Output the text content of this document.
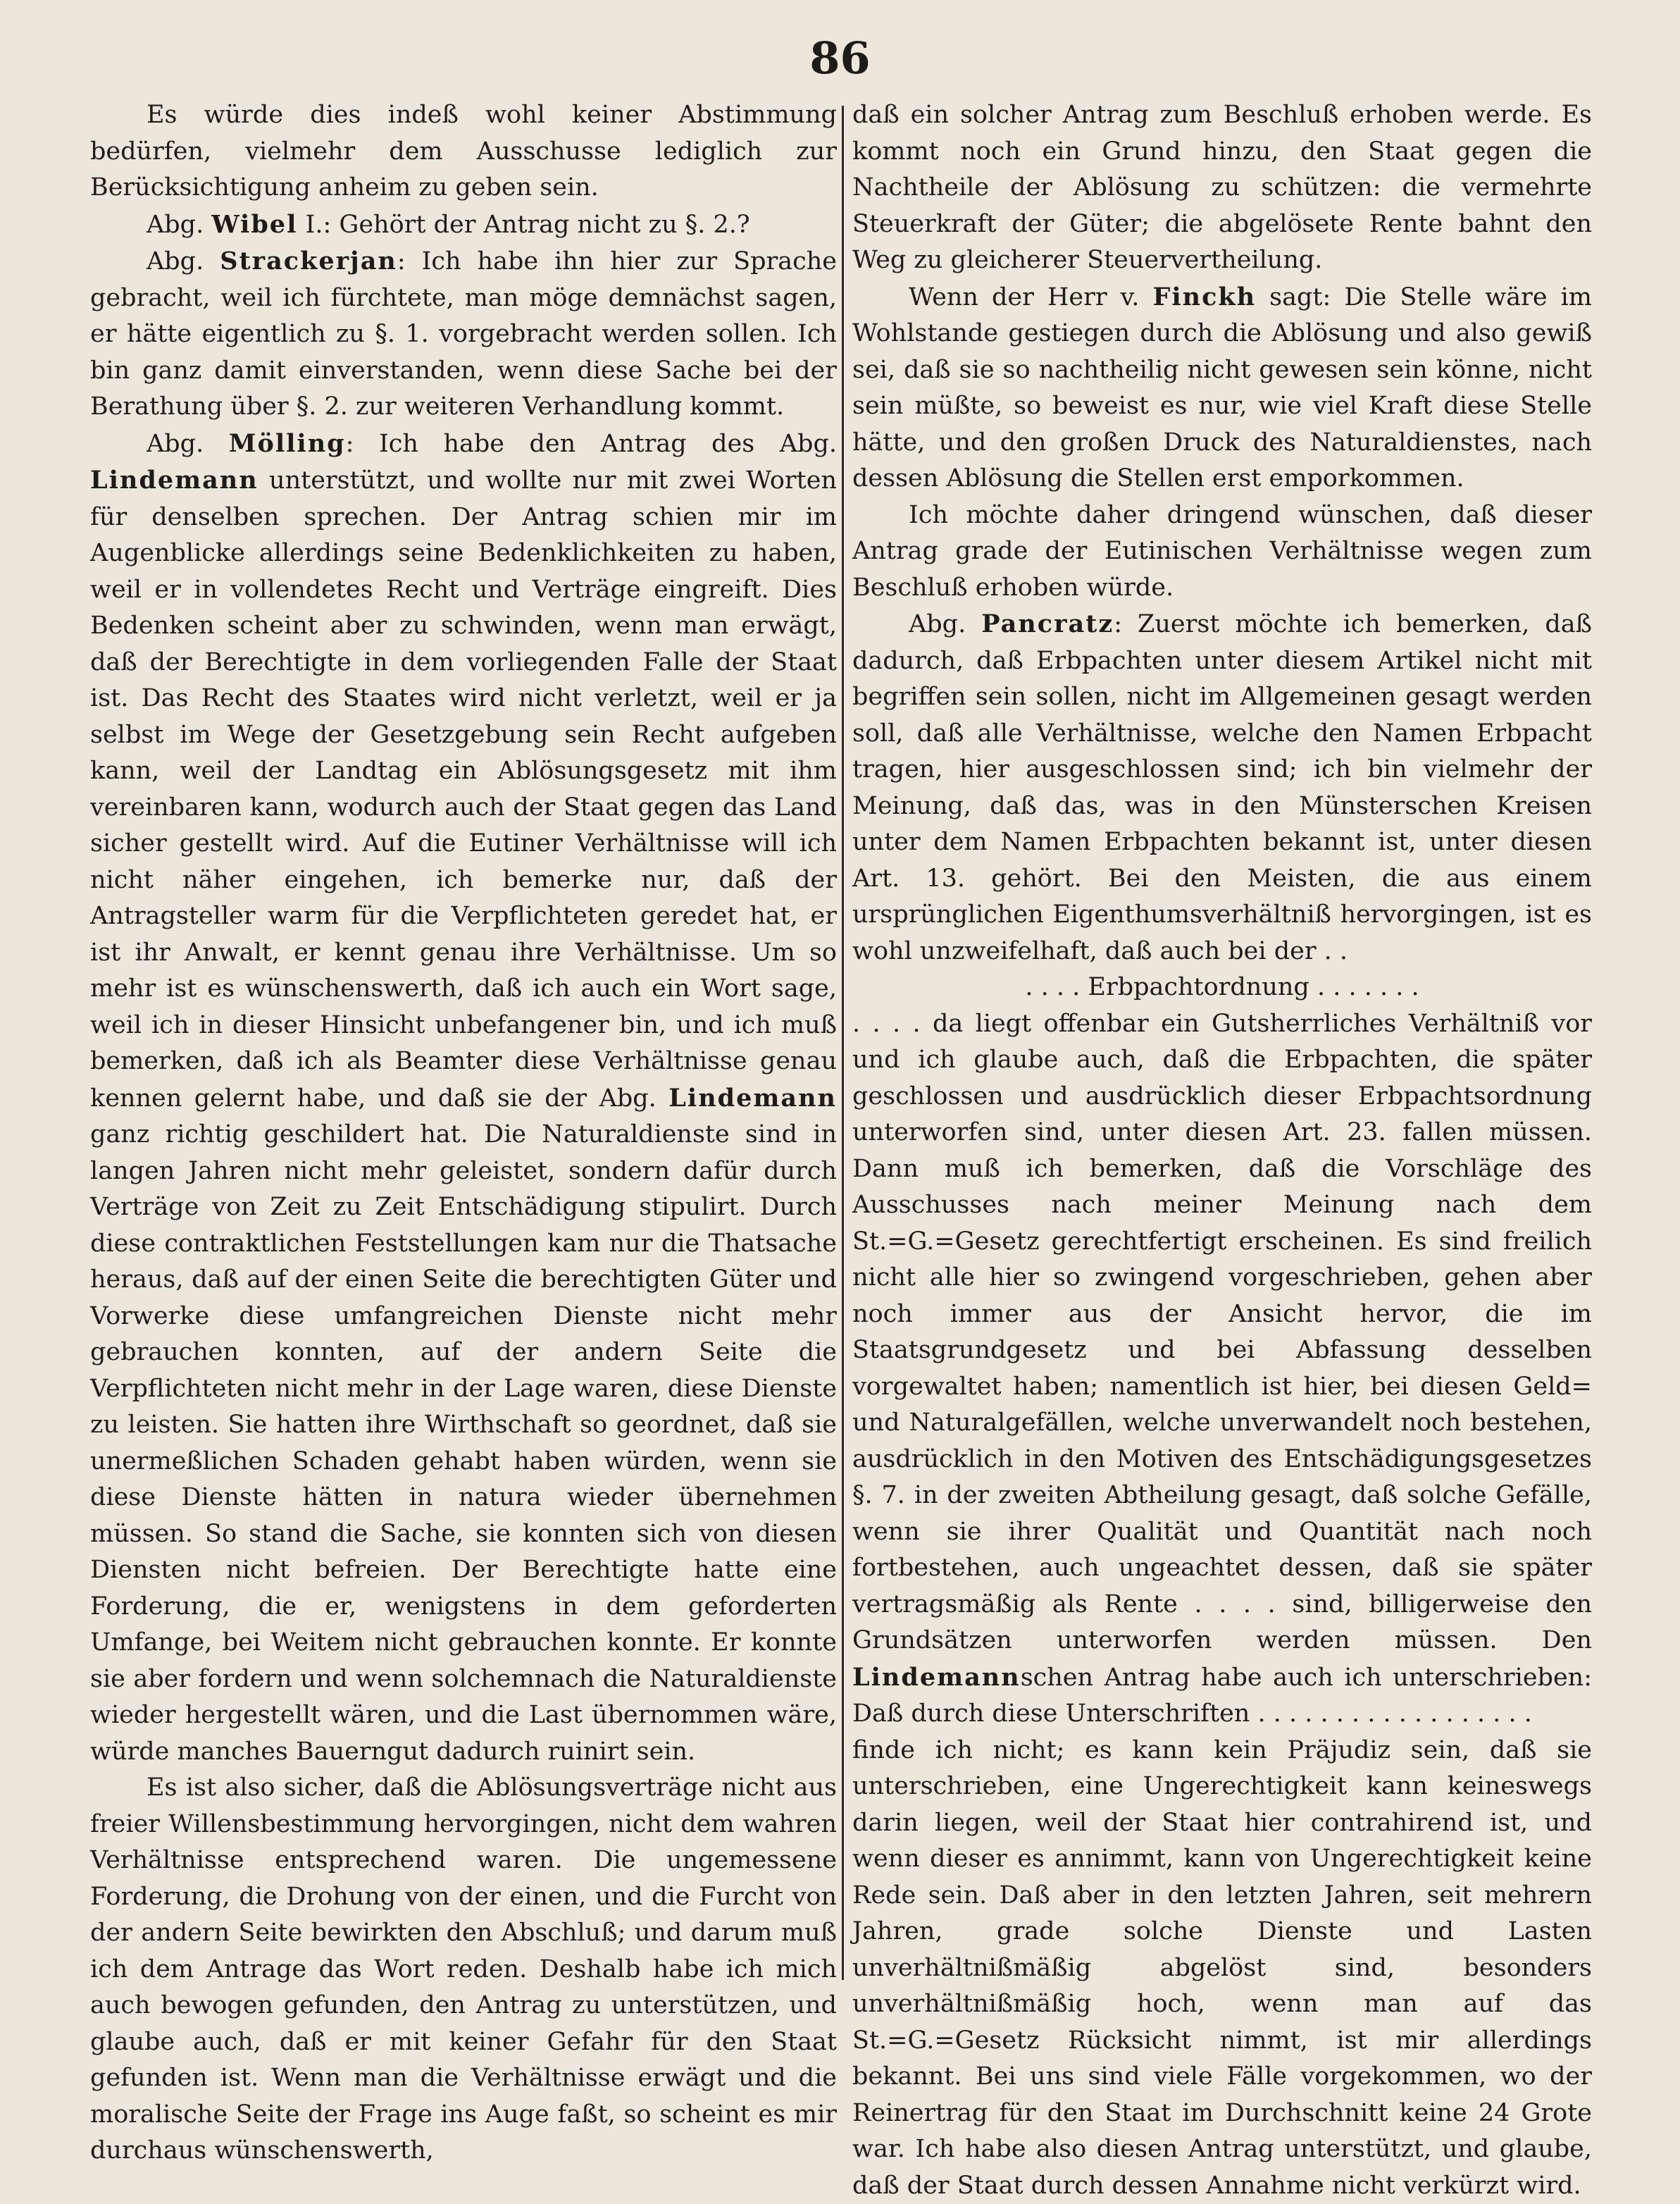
86

Es würde dies indeß wohl keiner Abstimmung bedürfen, vielmehr dem Ausschusse lediglich zur Berücksichtigung anheim zu geben sein.

Abg. Wibel I.: Gehört der Antrag nicht zu §. 2.?

Abg. Strackerjan: Ich habe ihn hier zur Sprache gebracht, weil ich fürchtete, man möge demnächst sagen, er hätte eigentlich zu §. 1. vorgebracht werden sollen. Ich bin ganz damit einverstanden, wenn diese Sache bei der Berathung über §. 2. zur weiteren Verhandlung kommt.

Abg. Mölling: Ich habe den Antrag des Abg. Lindemann unterstützt, und wollte nur mit zwei Worten für denselben sprechen. Der Antrag schien mir im Augenblicke allerdings seine Bedenklichkeiten zu haben, weil er in vollendetes Recht und Verträge eingreift. Dies Bedenken scheint aber zu schwinden, wenn man erwägt, daß der Berechtigte in dem vorliegenden Falle der Staat ist. Das Recht des Staates wird nicht verletzt, weil er ja selbst im Wege der Gesetzgebung sein Recht aufgeben kann, weil der Landtag ein Ablösungsgesetz mit ihm vereinbaren kann, wodurch auch der Staat gegen das Land sicher gestellt wird. Auf die Eutiner Verhältnisse will ich nicht näher eingehen, ich bemerke nur, daß der Antragsteller warm für die Verpflichteten geredet hat, er ist ihr Anwalt, er kennt genau ihre Verhältnisse. Um so mehr ist es wünschenswerth, daß ich auch ein Wort sage, weil ich in dieser Hinsicht unbefangener bin, und ich muß bemerken, daß ich als Beamter diese Verhältnisse genau kennen gelernt habe, und daß sie der Abg. Lindemann ganz richtig geschildert hat. Die Naturaldienste sind in langen Jahren nicht mehr geleistet, sondern dafür durch Verträge von Zeit zu Zeit Entschädigung stipulirt. Durch diese contraktlichen Feststellungen kam nur die Thatsache heraus, daß auf der einen Seite die berechtigten Güter und Vorwerke diese umfangreichen Dienste nicht mehr gebrauchen konnten, auf der andern Seite die Verpflichteten nicht mehr in der Lage waren, diese Dienste zu leisten. Sie hatten ihre Wirthschaft so geordnet, daß sie unermeßlichen Schaden gehabt haben würden, wenn sie diese Dienste hätten in natura wieder übernehmen müssen. So stand die Sache, sie konnten sich von diesen Diensten nicht befreien. Der Berechtigte hatte eine Forderung, die er, wenigstens in dem geforderten Umfange, bei Weitem nicht gebrauchen konnte. Er konnte sie aber fordern und wenn solchemnach die Naturaldienste wieder hergestellt wären, und die Last übernommen wäre, würde manches Bauerngut dadurch ruinirt sein.

Es ist also sicher, daß die Ablösungsverträge nicht aus freier Willensbestimmung hervorgingen, nicht dem wahren Verhältnisse entsprechend waren. Die ungemessene Forderung, die Drohung von der einen, und die Furcht von der andern Seite bewirkten den Abschluß; und darum muß ich dem Antrage das Wort reden. Deshalb habe ich mich auch bewogen gefunden, den Antrag zu unterstützen, und glaube auch, daß er mit keiner Gefahr für den Staat gefunden ist. Wenn man die Verhältnisse erwägt und die moralische Seite der Frage ins Auge faßt, so scheint es mir durchaus wünschenswerth,

daß ein solcher Antrag zum Beschluß erhoben werde. Es kommt noch ein Grund hinzu, den Staat gegen die Nachtheile der Ablösung zu schützen: die vermehrte Steuerkraft der Güter; die abgelösete Rente bahnt den Weg zu gleicherer Steuervertheilung.

Wenn der Herr v. Finckh sagt: Die Stelle wäre im Wohlstande gestiegen durch die Ablösung und also gewiß sei, daß sie so nachtheilig nicht gewesen sein könne, nicht sein müßte, so beweist es nur, wie viel Kraft diese Stelle hätte, und den großen Druck des Naturaldienstes, nach dessen Ablösung die Stellen erst emporkommen.

Ich möchte daher dringend wünschen, daß dieser Antrag grade der Eutinischen Verhältnisse wegen zum Beschluß erhoben würde.

Abg. Pancratz: Zuerst möchte ich bemerken, daß dadurch, daß Erbpachten unter diesem Artikel nicht mit begriffen sein sollen, nicht im Allgemeinen gesagt werden soll, daß alle Verhältnisse, welche den Namen Erbpacht tragen, hier ausgeschlossen sind; ich bin vielmehr der Meinung, daß das, was in den Münsterschen Kreisen unter dem Namen Erbpachten bekannt ist, unter diesen Art. 13. gehört. Bei den Meisten, die aus einem ursprünglichen Eigenthumsverhältniß hervorgingen, ist es wohl unzweifelhaft, daß auch bei der . .

. . . . Erbpachtordnung . . . . . . .

. . . . da liegt offenbar ein Gutsherrliches Verhältniß vor und ich glaube auch, daß die Erbpachten, die später geschlossen und ausdrücklich dieser Erbpachtsordnung unterworfen sind, unter diesen Art. 23. fallen müssen. Dann muß ich bemerken, daß die Vorschläge des Ausschusses nach meiner Meinung nach dem St.=G.=Gesetz gerechtfertigt erscheinen. Es sind freilich nicht alle hier so zwingend vorgeschrieben, gehen aber noch immer aus der Ansicht hervor, die im Staatsgrundgesetz und bei Abfassung desselben vorgewaltet haben; namentlich ist hier, bei diesen Geld= und Naturalgefällen, welche unverwandelt noch bestehen, ausdrücklich in den Motiven des Entschädigungsgesetzes §. 7. in der zweiten Abtheilung gesagt, daß solche Gefälle, wenn sie ihrer Qualität und Quantität nach noch fortbestehen, auch ungeachtet dessen, daß sie später vertragsmäßig als Rente . . . . sind, billigerweise den Grundsätzen unterworfen werden müssen. Den Lindemannschen Antrag habe auch ich unterschrieben: Daß durch diese Unterschriften . . . . . . . . . . . . . . . . . .

finde ich nicht; es kann kein Präjudiz sein, daß sie unterschrieben, eine Ungerechtigkeit kann keineswegs darin liegen, weil der Staat hier contrahirend ist, und wenn dieser es annimmt, kann von Ungerechtigkeit keine Rede sein. Daß aber in den letzten Jahren, seit mehrern Jahren, grade solche Dienste und Lasten unverhältnißmäßig abgelöst sind, besonders unverhältnißmäßig hoch, wenn man auf das St.=G.=Gesetz Rücksicht nimmt, ist mir allerdings bekannt. Bei uns sind viele Fälle vorgekommen, wo der Reinertrag für den Staat im Durchschnitt keine 24 Grote war. Ich habe also diesen Antrag unterstützt, und glaube, daß der Staat durch dessen Annahme nicht verkürzt wird.
